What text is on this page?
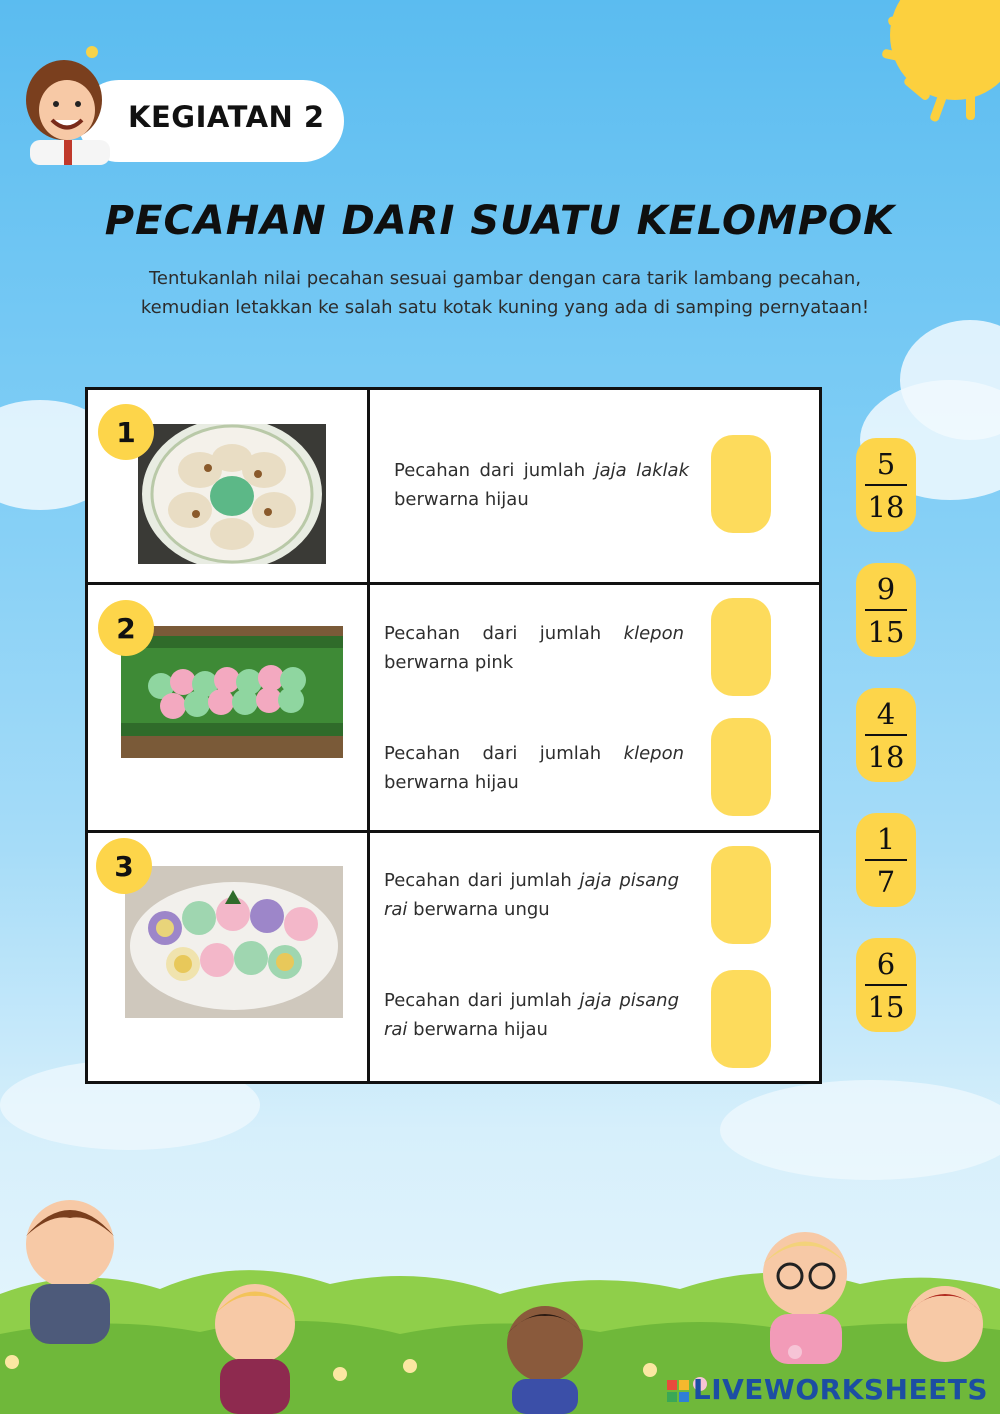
KEGIATAN 2
PECAHAN DARI SUATU KELOMPOK
Tentukanlah nilai pecahan sesuai gambar dengan cara tarik lambang pecahan, kemudian letakkan ke salah satu kotak kuning yang ada di samping pernyataan!
1
Pecahan dari jumlah jaja laklak berwarna hijau
2	Pecahan dari jumlah klepon berwarna pink
Pecahan dari jumlah klepon berwarna hijau
3	Pecahan dari jumlah jaja pisang rai berwarna ungu
Pecahan dari jumlah jaja pisang rai berwarna hijau
5
18
9
15
4
18
1
7
6
15
LIVEWORKSHEETS
